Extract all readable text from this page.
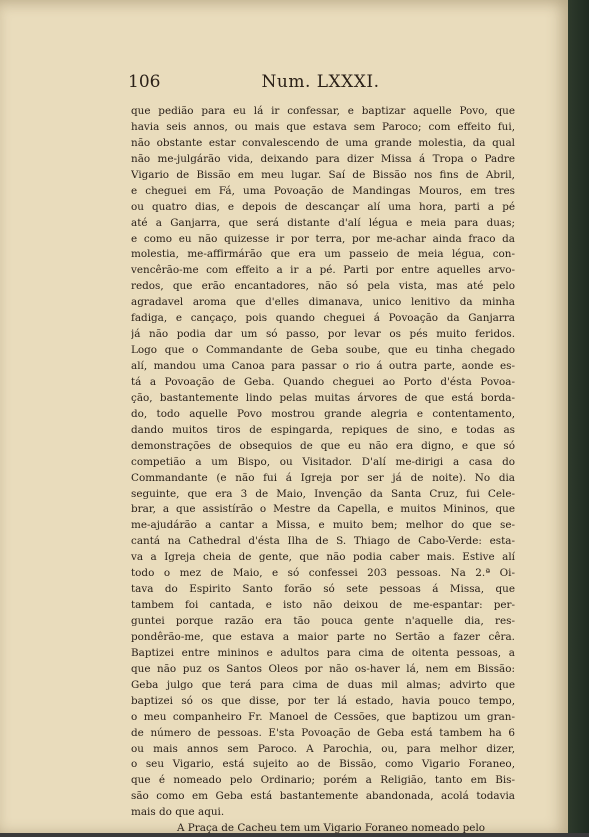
106	Num. LXXXI.
que pedião para eu lá ir confessar, e baptizar aquelle Povo, que
havia seis annos, ou mais que estava sem Paroco; com effeito fui,
não obstante estar convalescendo de uma grande molestia, da qual
não me-julgárão vida, deixando para dizer Missa á Tropa o Padre
Vigario de Bissão em meu lugar. Saí de Bissão nos fins de Abril,
e cheguei em Fá, uma Povoação de Mandingas Mouros, em tres
ou quatro dias, e depois de descançar alí uma hora, parti a pé
até a Ganjarra, que será distante d'alí légua e meia para duas;
e como eu não quizesse ir por terra, por me-achar ainda fraco da
molestia, me-affirmárão que era um passeio de meia légua, con-
vencêrão-me com effeito a ir a pé. Parti por entre aquelles arvo-
redos, que erão encantadores, não só pela vista, mas até pelo
agradavel aroma que d'elles dimanava, unico lenitivo da minha
fadiga, e cançaço, pois quando cheguei á Povoação da Ganjarra
já não podia dar um só passo, por levar os pés muito feridos.
Logo que o Commandante de Geba soube, que eu tinha chegado
alí, mandou uma Canoa para passar o rio á outra parte, aonde es-
tá a Povoação de Geba. Quando cheguei ao Porto d'ésta Povoa-
ção, bastantemente lindo pelas muitas árvores de que está borda-
do, todo aquelle Povo mostrou grande alegria e contentamento,
dando muitos tiros de espingarda, repiques de sino, e todas as
demonstrações de obsequios de que eu não era digno, e que só
competião a um Bispo, ou Visitador. D'alí me-dirigi a casa do
Commandante (e não fui á Igreja por ser já de noite). No dia
seguinte, que era 3 de Maio, Invenção da Santa Cruz, fui Cele-
brar, a que assistírão o Mestre da Capella, e muitos Mininos, que
me-ajudárão a cantar a Missa, e muito bem; melhor do que se-
cantá na Cathedral d'ésta Ilha de S. Thiago de Cabo-Verde: esta-
va a Igreja cheia de gente, que não podia caber mais. Estive alí
todo o mez de Maio, e só confessei 203 pessoas. Na 2.ª Oi-
tava do Espirito Santo forão só sete pessoas á Missa, que
tambem foi cantada, e isto não deixou de me-espantar: per-
guntei porque razão era tão pouca gente n'aquelle dia, res-
pondêrão-me, que estava a maior parte no Sertão a fazer cêra.
Baptizei entre mininos e adultos para cima de oitenta pessoas, a
que não puz os Santos Oleos por não os-haver lá, nem em Bissão:
Geba julgo que terá para cima de duas mil almas; advirto que
baptizei só os que disse, por ter lá estado, havia pouco tempo,
o meu companheiro Fr. Manoel de Cessões, que baptizou um gran-
de número de pessoas. E'sta Povoação de Geba está tambem ha 6
ou mais annos sem Paroco. A Parochia, ou, para melhor dizer,
o seu Vigario, está sujeito ao de Bissão, como Vigario Foraneo,
que é nomeado pelo Ordinario; porém a Religião, tanto em Bis-
são como em Geba está bastantemente abandonada, acolá todavia
mais do que aqui.
A Praça de Cacheu tem um Vigario Foraneo nomeado pelo
